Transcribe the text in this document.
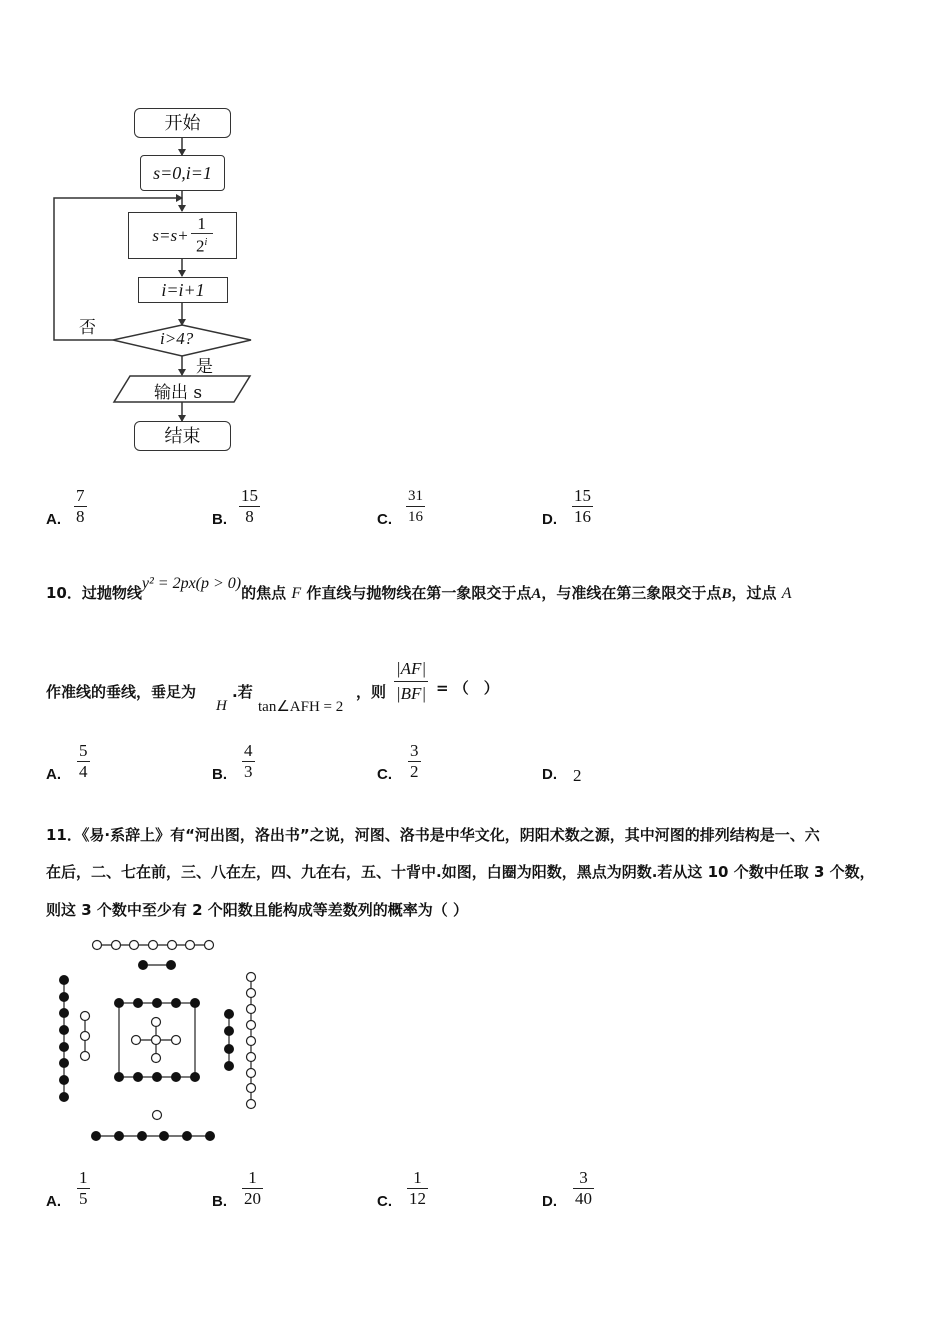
开始
s=0,i=1
s=s+
1
2$^i$
i=i+1
i>4?
否
是
输出 s
结束
A.
7
8	B.
15
8	C.
31
16	D.
15
16
10．过抛物线y² = 2px(p > 0)的焦点 F 作直线与抛物线在第一象限交于点A，与准线在第三象限交于点B，过点 A
作准线的垂线，垂足为
H
.若
tan∠AFH = 2
，则
|AF|
|BF| = （　）
A.
5
4	B.
4
3	C.
3
2	D. 2
11．《易·系辞上》有“河出图，洛出书”之说，河图、洛书是中华文化，阴阳术数之源，其中河图的排列结构是一、六
在后，二、七在前，三、八在左，四、九在右，五、十背中.如图，白圈为阳数，黑点为阴数.若从这 10 个数中任取 3 个数，
则这 3 个数中至少有 2 个阳数且能构成等差数列的概率为（ ）
A.
1
5	B.
1
20	C.
1
12	D.
3
40
